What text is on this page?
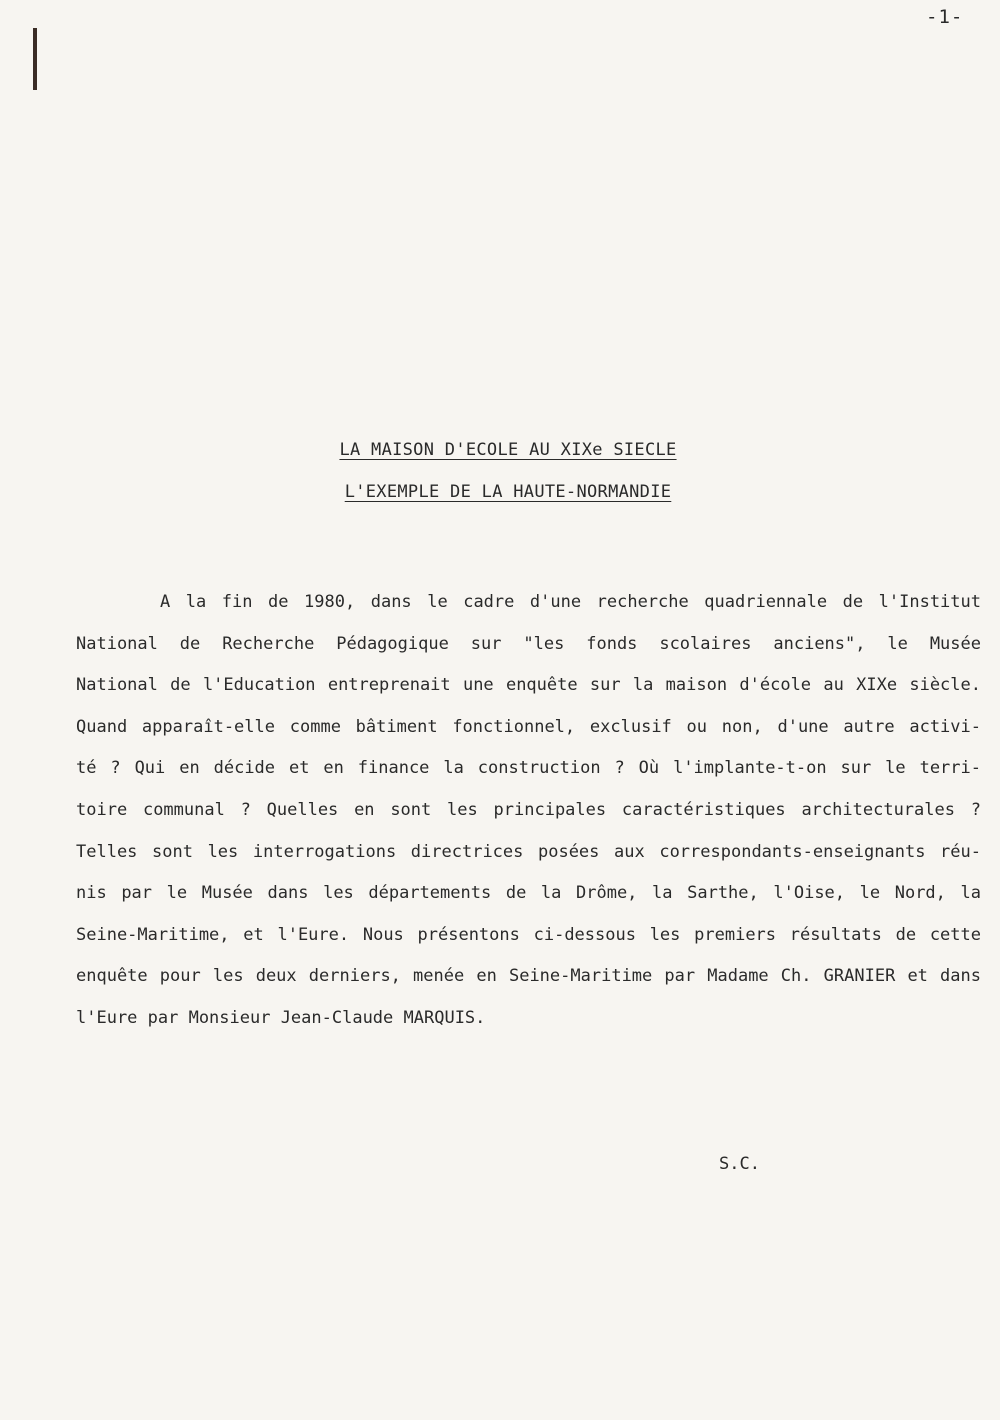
-1-
LA MAISON D'ECOLE AU XIXe SIECLE
L'EXEMPLE DE LA HAUTE-NORMANDIE
A la fin de 1980, dans le cadre d'une recherche quadriennale de l'Institut
National de Recherche Pédagogique sur "les fonds scolaires anciens", le Musée
National de l'Education entreprenait une enquête sur la maison d'école au XIXe siècle.
Quand apparaît-elle comme bâtiment fonctionnel, exclusif ou non, d'une autre activi-
té ? Qui en décide et en finance la construction ? Où l'implante-t-on sur le terri-
toire communal ? Quelles en sont les principales caractéristiques architecturales ?
Telles sont les interrogations directrices posées aux correspondants-enseignants réu-
nis par le Musée dans les départements de la Drôme, la Sarthe, l'Oise, le Nord, la
Seine-Maritime, et l'Eure. Nous présentons ci-dessous les premiers résultats de cette
enquête pour les deux derniers, menée en Seine-Maritime par Madame Ch. GRANIER et dans
l'Eure par Monsieur Jean-Claude MARQUIS.
S.C.
